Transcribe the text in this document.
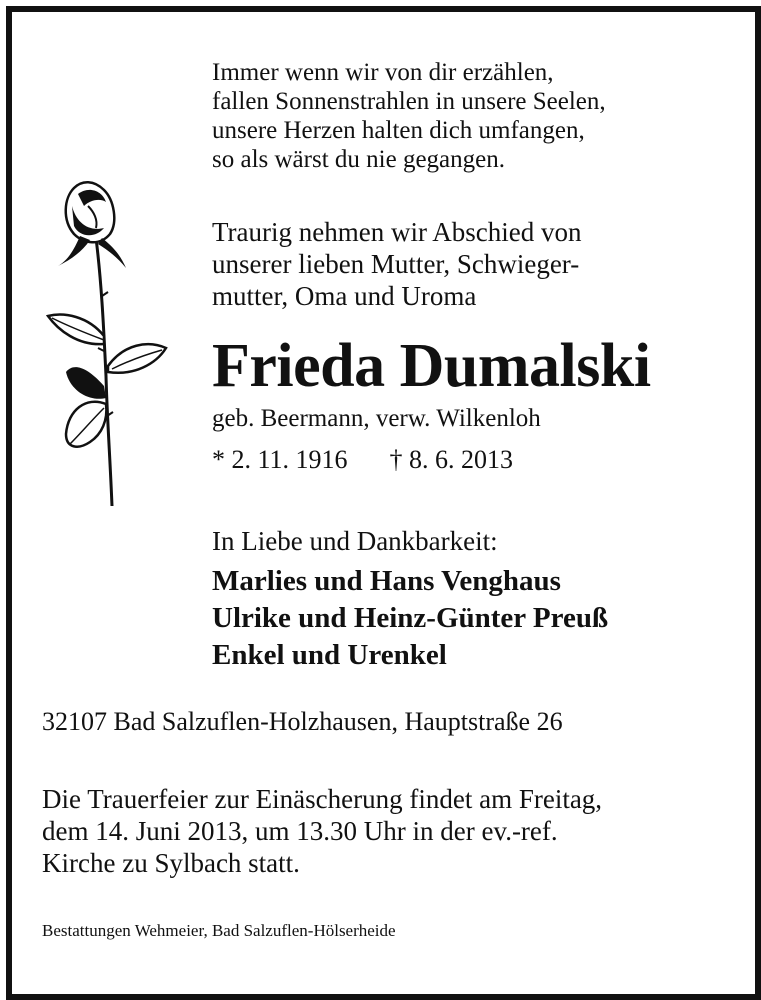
Immer wenn wir von dir erzählen,
fallen Sonnenstrahlen in unsere Seelen,
unsere Herzen halten dich umfangen,
so als wärst du nie gegangen.
Traurig nehmen wir Abschied von
unserer lieben Mutter, Schwieger-
mutter, Oma und Uroma
Frieda Dumalski
geb. Beermann, verw. Wilkenloh
* 2. 11. 1916 † 8. 6. 2013
In Liebe und Dankbarkeit:
Marlies und Hans Venghaus
Ulrike und Heinz-Günter Preuß
Enkel und Urenkel
32107 Bad Salzuflen-Holzhausen, Hauptstraße 26
Die Trauerfeier zur Einäscherung findet am Freitag,
dem 14. Juni 2013, um 13.30 Uhr in der ev.-ref.
Kirche zu Sylbach statt.
Bestattungen Wehmeier, Bad Salzuflen-Hölserheide
